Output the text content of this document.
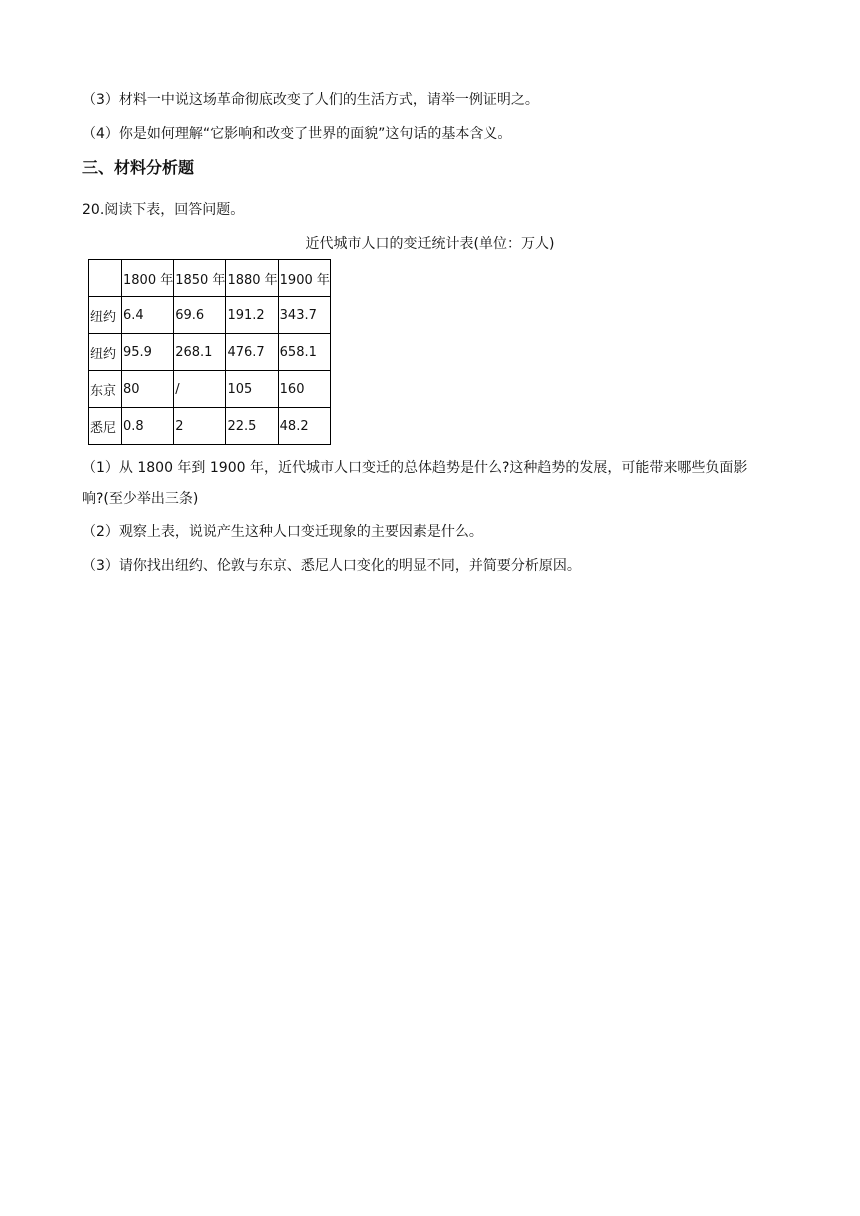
（3）材料一中说这场革命彻底改变了人们的生活方式，请举一例证明之。
（4）你是如何理解“它影响和改变了世界的面貌”这句话的基本含义。
三、材料分析题
20.阅读下表，回答问题。
近代城市人口的变迁统计表(单位：万人)
	1800 年	1850 年	1880 年	1900 年
纽约	6.4	69.6	191.2	343.7
纽约	95.9	268.1	476.7	658.1
东京	80	/	105	160
悉尼	0.8	2	22.5	48.2
（1）从 1800 年到 1900 年，近代城市人口变迁的总体趋势是什么?这种趋势的发展，可能带来哪些负面影
响?(至少举出三条)
（2）观察上表，说说产生这种人口变迁现象的主要因素是什么。
（3）请你找出纽约、伦敦与东京、悉尼人口变化的明显不同，并简要分析原因。
